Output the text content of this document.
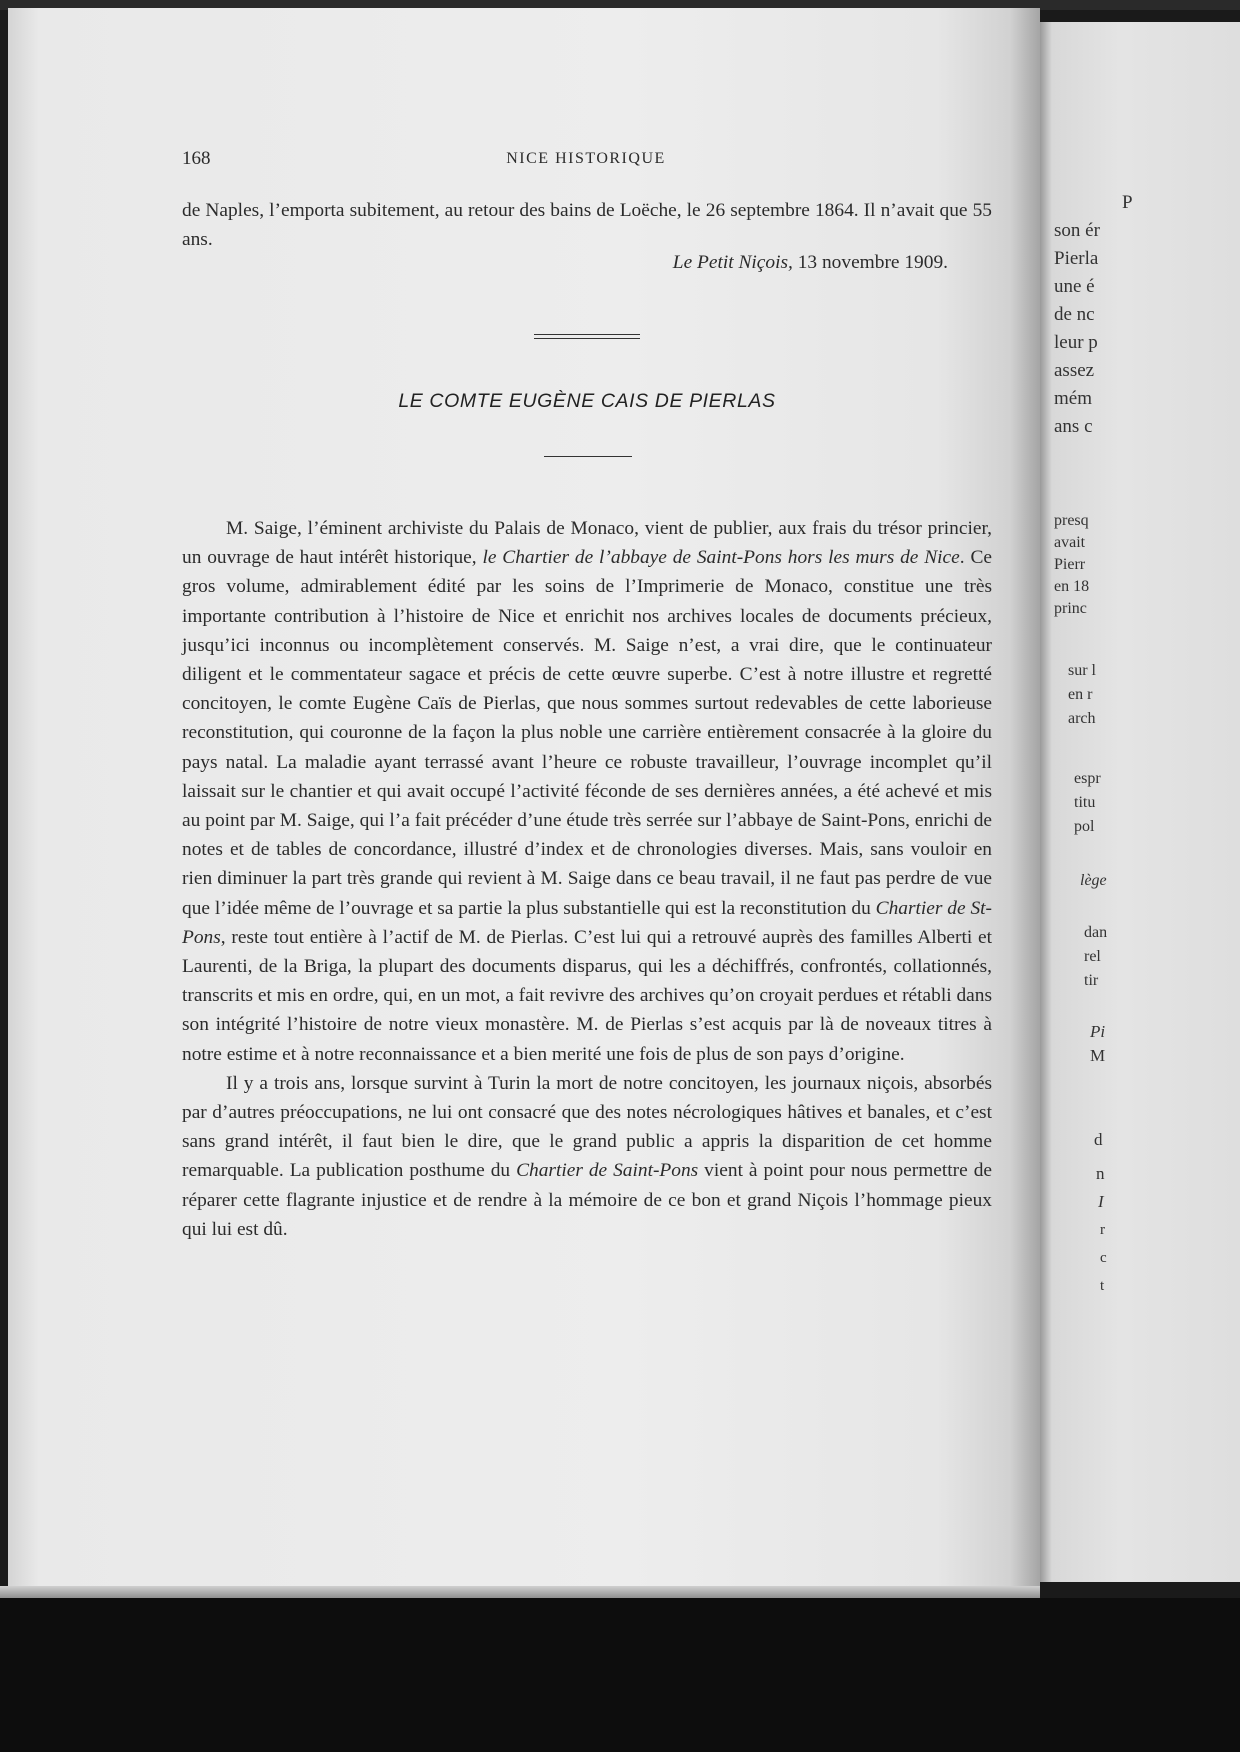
P
son ér
Pierla
une é
de nc
leur p
assez
mém
ans c
presq
avait
Pierr
en 18
princ
sur l
en r
arch
espr
titu
pol
lège
dan
rel
tir
Pi
M
d
n
I
r
c
t
168	NICE HISTORIQUE

de Naples, l’emporta subitement, au retour des bains de Loëche, le 26 septembre 1864. Il n’avait que 55 ans.

Le Petit Niçois, 13 novembre 1909.
LE COMTE EUGÈNE CAIS DE PIERLAS

M. Saige, l’éminent archiviste du Palais de Monaco, vient de publier, aux frais du trésor princier, un ouvrage de haut intérêt historique, le Chartier de l’abbaye de Saint-Pons hors les murs de Nice. Ce gros volume, admirablement édité par les soins de l’Imprimerie de Monaco, constitue une très importante contribution à l’histoire de Nice et enrichit nos archives locales de documents précieux, jusqu’ici inconnus ou incomplètement conservés. M. Saige n’est, a vrai dire, que le continuateur diligent et le commentateur sagace et précis de cette œuvre superbe. C’est à notre illustre et regretté concitoyen, le comte Eugène Caïs de Pierlas, que nous sommes surtout redevables de cette laborieuse reconstitution, qui couronne de la façon la plus noble une carrière entièrement consacrée à la gloire du pays natal. La maladie ayant terrassé avant l’heure ce robuste travailleur, l’ouvrage incomplet qu’il laissait sur le chantier et qui avait occupé l’activité féconde de ses dernières années, a été achevé et mis au point par M. Saige, qui l’a fait précéder d’une étude très serrée sur l’abbaye de Saint-Pons, enrichi de notes et de tables de concordance, illustré d’index et de chronologies diverses. Mais, sans vouloir en rien diminuer la part très grande qui revient à M. Saige dans ce beau travail, il ne faut pas perdre de vue que l’idée même de l’ouvrage et sa partie la plus substantielle qui est la reconstitution du Chartier de St-Pons, reste tout entière à l’actif de M. de Pierlas. C’est lui qui a retrouvé auprès des familles Alberti et Laurenti, de la Briga, la plupart des documents disparus, qui les a déchiffrés, confrontés, collationnés, transcrits et mis en ordre, qui, en un mot, a fait revivre des archives qu’on croyait perdues et rétabli dans son intégrité l’histoire de notre vieux monastère. M. de Pierlas s’est acquis par là de noveaux titres à notre estime et à notre reconnaissance et a bien merité une fois de plus de son pays d’origine.

Il y a trois ans, lorsque survint à Turin la mort de notre concitoyen, les journaux niçois, absorbés par d’autres préoccupations, ne lui ont consacré que des notes nécrologiques hâtives et banales, et c’est sans grand intérêt, il faut bien le dire, que le grand public a appris la disparition de cet homme remarquable. La publication posthume du Chartier de Saint-Pons vient à point pour nous permettre de réparer cette flagrante injustice et de rendre à la mémoire de ce bon et grand Niçois l’hommage pieux qui lui est dû.
